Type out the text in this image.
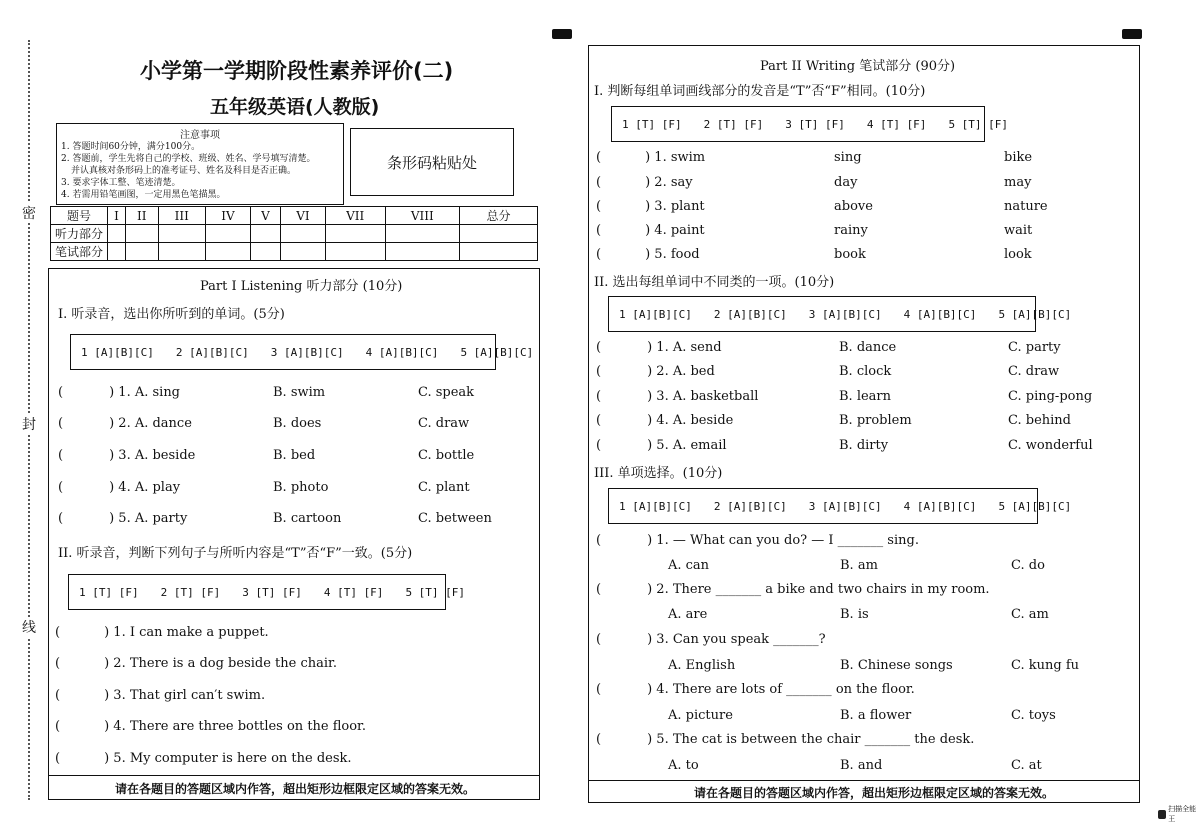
密
封
线
小学第一学期阶段性素养评价(二)
五年级英语(人教版)
注意事项
1. 答题时间60分钟，满分100分。
2. 答题前，学生先将自己的学校、班级、姓名、学号填写清楚。
并认真核对条形码上的准考证号、姓名及科目是否正确。
3. 要求字体工整、笔迹清楚。
4. 若需用铅笔画图，一定用黑色笔描黑。
条形码粘贴处
题号	I	II	III	IV	V	VI	VII	VIII	总分
听力部分									
笔试部分									
Part I Listening 听力部分 (10分)
I. 听录音，选出你所听到的单词。(5分)
1 [A][B][C] 2 [A][B][C] 3 [A][B][C] 4 [A][B][C] 5 [A][B][C]
(	) 1. A. sing	B. swim	C. speak
(	) 2. A. dance	B. does	C. draw
(	) 3. A. beside	B. bed	C. bottle
(	) 4. A. play	B. photo	C. plant
(	) 5. A. party	B. cartoon	C. between
II. 听录音，判断下列句子与所听内容是“T”否“F”一致。(5分)
1 [T] [F] 2 [T] [F] 3 [T] [F] 4 [T] [F] 5 [T] [F]
(	) 1. I can make a puppet.
(	) 2. There is a dog beside the chair.
(	) 3. That girl can′t swim.
(	) 4. There are three bottles on the floor.
(	) 5. My computer is here on the desk.
请在各题目的答题区域内作答，超出矩形边框限定区域的答案无效。
Part II Writing 笔试部分 (90分)
I. 判断每组单词画线部分的发音是“T”否“F”相同。(10分)
1 [T] [F] 2 [T] [F] 3 [T] [F] 4 [T] [F] 5 [T] [F]
(	) 1. swim	sing	bike
(	) 2. say	day	may
(	) 3. plant	above	nature
(	) 4. paint	rainy	wait
(	) 5. food	book	look
II. 选出每组单词中不同类的一项。(10分)
1 [A][B][C] 2 [A][B][C] 3 [A][B][C] 4 [A][B][C] 5 [A][B][C]
(	) 1. A. send	B. dance	C. party
(	) 2. A. bed	B. clock	C. draw
(	) 3. A. basketball	B. learn	C. ping-pong
(	) 4. A. beside	B. problem	C. behind
(	) 5. A. email	B. dirty	C. wonderful
III. 单项选择。(10分)
1 [A][B][C] 2 [A][B][C] 3 [A][B][C] 4 [A][B][C] 5 [A][B][C]
(	) 1. — What can you do? — I _______ sing.
A. can	B. am	C. do
(	) 2. There _______ a bike and two chairs in my room.
A. are	B. is	C. am
(	) 3. Can you speak _______?
A. English	B. Chinese songs	C. kung fu
(	) 4. There are lots of _______ on the floor.
A. picture	B. a flower	C. toys
(	) 5. The cat is between the chair _______ the desk.
A. to	B. and	C. at
请在各题目的答题区域内作答，超出矩形边框限定区域的答案无效。
扫描全能王
